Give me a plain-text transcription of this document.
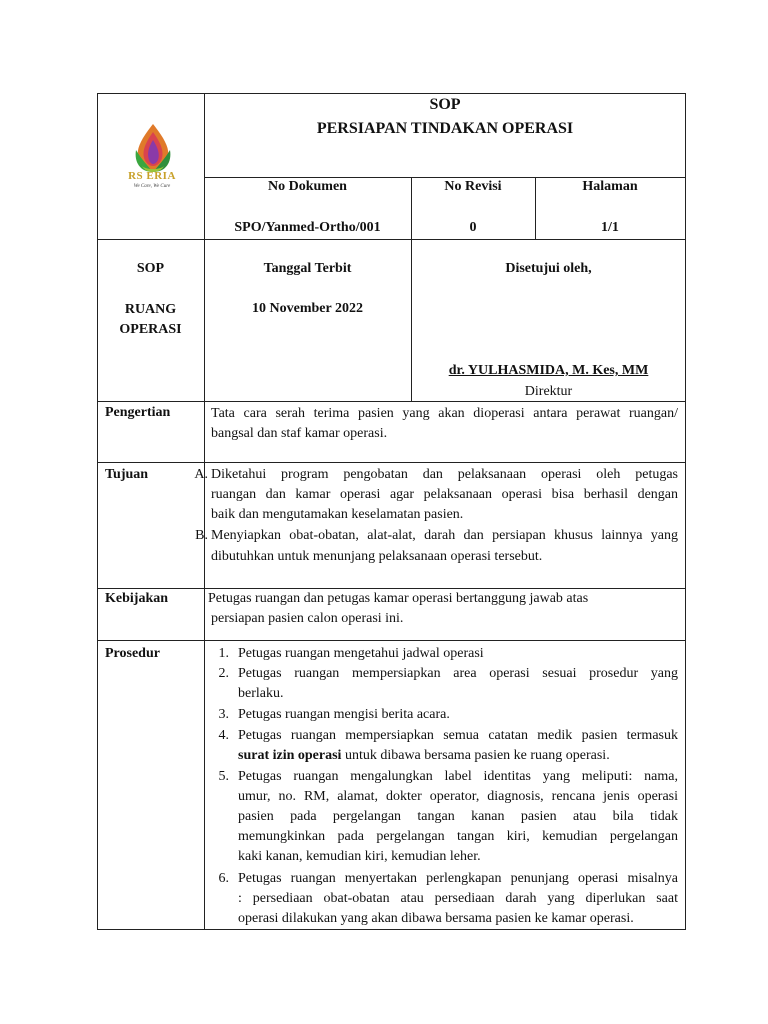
RS ERIA
We Care, We Cure
SOP
PERSIAPAN TINDAKAN OPERASI
No Dokumen
SPO/Yanmed-Ortho/001
No Revisi
0
Halaman
1/1
SOP
RUANG
OPERASI
Tanggal Terbit
10 November 2022
Disetujui oleh,
dr. YULHASMIDA, M. Kes, MM
Direktur
Pengertian	Tata cara serah terima pasien yang akan dioperasi antara perawat ruangan/
bangsal dan staf kamar operasi.
Tujuan	A. Diketahui program pengobatan dan pelaksanaan operasi oleh petugas
ruangan dan kamar operasi agar pelaksanaan operasi bisa berhasil dengan
baik dan mengutamakan keselamatan pasien.
B. Menyiapkan obat-obatan, alat-alat, darah dan persiapan khusus lainnya yang
dibutuhkan untuk menunjang pelaksanaan operasi tersebut.
Kebijakan	Petugas ruangan dan petugas kamar operasi bertanggung jawab atas
persiapan pasien calon operasi ini.
Prosedur	1. Petugas ruangan mengetahui jadwal operasi
2. Petugas ruangan mempersiapkan area operasi sesuai prosedur yang
berlaku.
3. Petugas ruangan mengisi berita acara.
4. Petugas ruangan mempersiapkan semua catatan medik pasien termasuk
surat izin operasi untuk dibawa bersama pasien ke ruang operasi.
5. Petugas ruangan mengalungkan label identitas yang meliputi: nama,
umur, no. RM, alamat, dokter operator, diagnosis, rencana jenis operasi
pasien pada pergelangan tangan kanan pasien atau bila tidak
memungkinkan pada pergelangan tangan kiri, kemudian pergelangan
kaki kanan, kemudian kiri, kemudian leher.
6. Petugas ruangan menyertakan perlengkapan penunjang operasi misalnya
: persediaan obat-obatan atau persediaan darah yang diperlukan saat
operasi dilakukan yang akan dibawa bersama pasien ke kamar operasi.
